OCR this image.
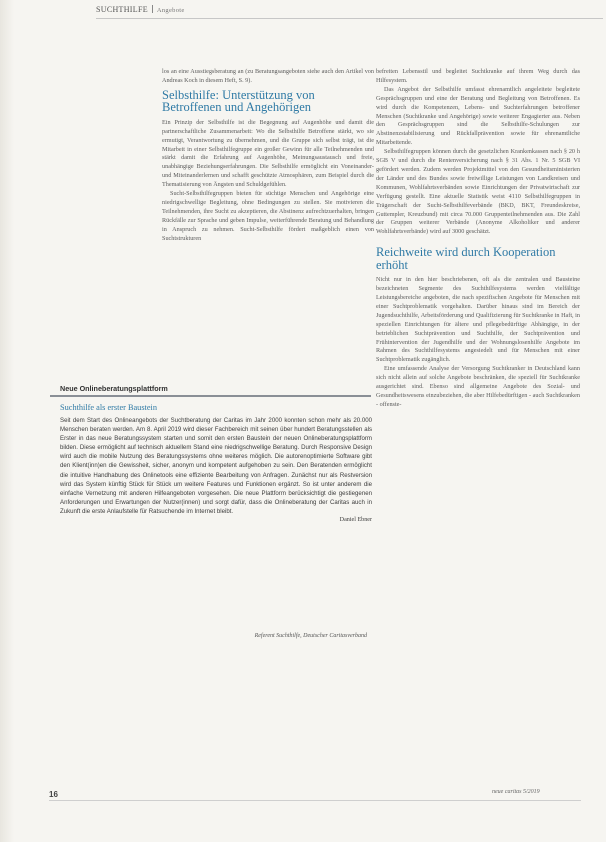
SUCHTHILFE Angebote

los an eine Ausstiegsberatung an (zu Beratungsangeboten siehe auch den Artikel von Andreas Koch in diesem Heft, S. 9).

Selbsthilfe: Unterstützung von Betroffenen und Angehörigen

Ein Prinzip der Selbsthilfe ist die Begegnung auf Augenhöhe und damit die partnerschaftliche Zusammenarbeit: Wo die Selbsthilfe Betroffene stärkt, wo sie ermutigt, Verantwortung zu übernehmen, und die Gruppe sich selbst trägt, ist die Mitarbeit in einer Selbsthilfegruppe ein großer Gewinn für alle Teilnehmenden und stärkt damit die Erfahrung auf Augenhöhe, Meinungsaustausch und freie, unabhängige Beziehungserfahrungen. Die Selbsthilfe ermöglicht ein Voneinander- und Miteinanderlernen und schafft geschützte Atmosphären, zum Beispiel durch die Thematisierung von Ängsten und Schuldgefühlen.

Sucht-Selbsthilfegruppen bieten für süchtige Menschen und Angehörige eine niedrigschwellige Begleitung, ohne Bedingungen zu stellen. Sie motivieren die Teilnehmenden, ihre Sucht zu akzeptieren, die Abstinenz aufrechtzuerhalten, bringen Rückfälle zur Sprache und geben Impulse, weiterführende Beratung und Behandlung in Anspruch zu nehmen. Sucht-Selbsthilfe fördert maßgeblich einen von Suchtstrukturen

befreiten Lebensstil und begleitet Suchtkranke auf ihrem Weg durch das Hilfesystem.

Das Angebot der Selbsthilfe umfasst ehrenamtlich angeleitete begleitete Gesprächsgruppen und eine der Beratung und Begleitung von Betroffenen. Es wird durch die Kompetenzen, Lebens- und Suchterfahrungen betroffener Menschen (Suchtkranke und Angehörige) sowie weiterer Engagierter aus. Neben den Gesprächsgruppen sind die Selbsthilfe-Schulungen zur Abstinenzstabilisierung und Rückfallprävention sowie für ehrenamtliche Mitarbeitende.

Selbsthilfegruppen können durch die gesetzlichen Krankenkassen nach § 20 h SGB V und durch die Rentenversicherung nach § 31 Abs. 1 Nr. 5 SGB VI gefördert werden. Zudem werden Projektmittel von den Gesundheitsministerien der Länder und des Bundes sowie freiwillige Leistungen von Landkreisen und Kommunen, Wohlfahrtsverbänden sowie Einrichtungen der Privatwirtschaft zur Verfügung gestellt. Eine aktuelle Statistik weist 4110 Selbsthilfegruppen in Trägerschaft der Sucht-Selbsthilfeverbände (BKD, BKT, Freundeskreise, Guttempler, Kreuzbund) mit circa 70.000 Gruppenteilnehmenden aus. Die Zahl der Gruppen weiterer Verbände (Anonyme Alkoholiker und anderer Wohlfahrtsverbände) wird auf 3000 geschätzt.

Reichweite wird durch Kooperation erhöht

Nicht nur in den hier beschriebenen, oft als die zentralen und Bausteine bezeichneten Segmente des Suchthilfesystems werden vielfältige Leistungsbereiche angeboten, die nach spezifischen Angebote für Menschen mit einer Suchtproblematik vorgehalten. Darüber hinaus sind im Bereich der Jugendsuchthilfe, Arbeitsförderung und Qualifizierung für Suchtkranke in Haft, in speziellen Einrichtungen für ältere und pflegebedürftige Abhängige, in der betrieblichen Suchtprävention und Suchthilfe, der Suchtprävention und Frühintervention der Jugendhilfe und der Wohnungslosenhilfe Angebote im Rahmen des Suchthilfesystems angesiedelt und für Menschen mit einer Suchtproblematik zugänglich.

Eine umfassende Analyse der Versorgung Suchtkranker in Deutschland kann sich nicht allein auf solche Angebote beschränken, die speziell für Suchtkranke ausgerichtet sind. Ebenso sind allgemeine Angebote des Sozial- und Gesundheitswesens einzubeziehen, die aber Hilfebedürftigen - auch Suchtkranken - offenste-

Neue Onlineberatungsplattform
Suchthilfe als erster Baustein
Seit dem Start des Onlineangebots der Suchtberatung der Caritas im Jahr 2000 konnten schon mehr als 20.000 Menschen beraten werden. Am 8. April 2019 wird dieser Fachbereich mit seinen über hundert Beratungsstellen als Erster in das neue Beratungssystem starten und somit den ersten Baustein der neuen Onlineberatungsplattform bilden. Diese ermöglicht auf technisch aktuellem Stand eine niedrigschwellige Beratung. Durch Responsive Design wird auch die mobile Nutzung des Beratungssystems ohne weiteres möglich. Die autorenoptimierte Software gibt den Klient(inn)en die Gewissheit, sicher, anonym und kompetent aufgehoben zu sein. Den Beratenden ermöglicht die intuitive Handhabung des Onlinetools eine effiziente Bearbeitung von Anfragen. Zunächst nur als Restversion wird das System künftig Stück für Stück um weitere Features und Funktionen ergänzt. So ist unter anderem die einfache Vernetzung mit anderen Hilfeangeboten vorgesehen. Die neue Plattform berücksichtigt die gestiegenen Anforderungen und Erwartungen der Nutzer(innen) und sorgt dafür, dass die Onlineberatung der Caritas auch in Zukunft die erste Anlaufstelle für Ratsuchende im Internet bleibt.
Daniel Ebner
Referent Suchthilfe, Deutscher Caritasverband
16	neue caritas 5/2019
